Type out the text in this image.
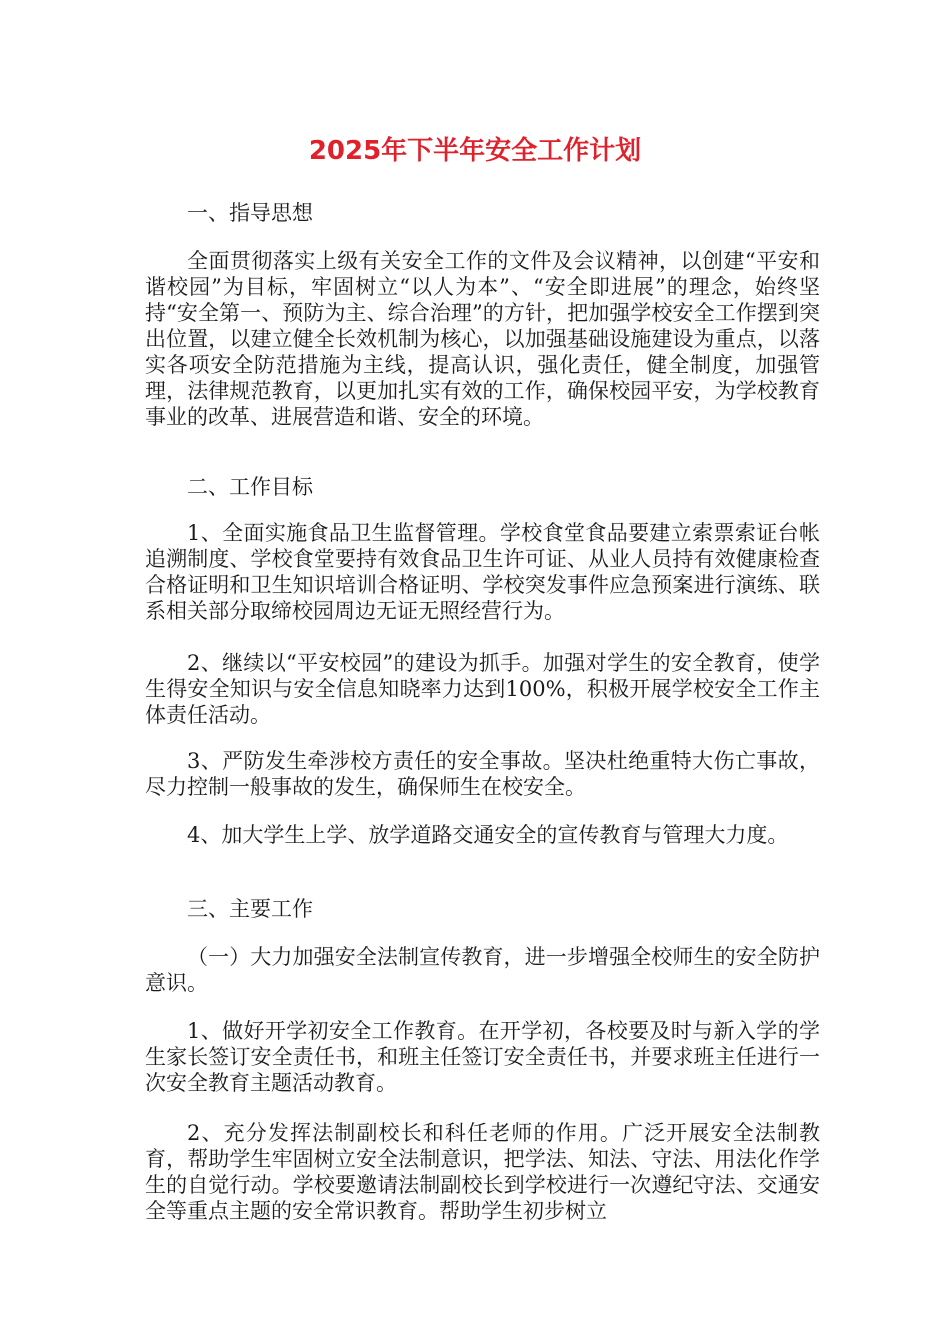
2025年下半年安全工作计划

一、指导思想

全面贯彻落实上级有关安全工作的文件及会议精神，以创建“平安和谐校园”为目标，牢固树立“以人为本”、“安全即进展”的理念，始终坚持“安全第一、预防为主、综合治理”的方针，把加强学校安全工作摆到突出位置，以建立健全长效机制为核心，以加强基础设施建设为重点，以落实各项安全防范措施为主线，提高认识，强化责任，健全制度，加强管理，法律规范教育，以更加扎实有效的工作，确保校园平安，为学校教育事业的改革、进展营造和谐、安全的环境。

二、工作目标

1、全面实施食品卫生监督管理。学校食堂食品要建立索票索证台帐追溯制度、学校食堂要持有效食品卫生许可证、从业人员持有效健康检查合格证明和卫生知识培训合格证明、学校突发事件应急预案进行演练、联系相关部分取缔校园周边无证无照经营行为。

2、继续以“平安校园”的建设为抓手。加强对学生的安全教育，使学生得安全知识与安全信息知晓率力达到100%，积极开展学校安全工作主体责任活动。

3、严防发生牵涉校方责任的安全事故。坚决杜绝重特大伤亡事故，尽力控制一般事故的发生，确保师生在校安全。

4、加大学生上学、放学道路交通安全的宣传教育与管理大力度。

三、主要工作

（一）大力加强安全法制宣传教育，进一步增强全校师生的安全防护意识。

1、做好开学初安全工作教育。在开学初，各校要及时与新入学的学生家长签订安全责任书，和班主任签订安全责任书，并要求班主任进行一次安全教育主题活动教育。

2、充分发挥法制副校长和科任老师的作用。广泛开展安全法制教育，帮助学生牢固树立安全法制意识，把学法、知法、守法、用法化作学生的自觉行动。学校要邀请法制副校长到学校进行一次遵纪守法、交通安全等重点主题的安全常识教育。帮助学生初步树立
